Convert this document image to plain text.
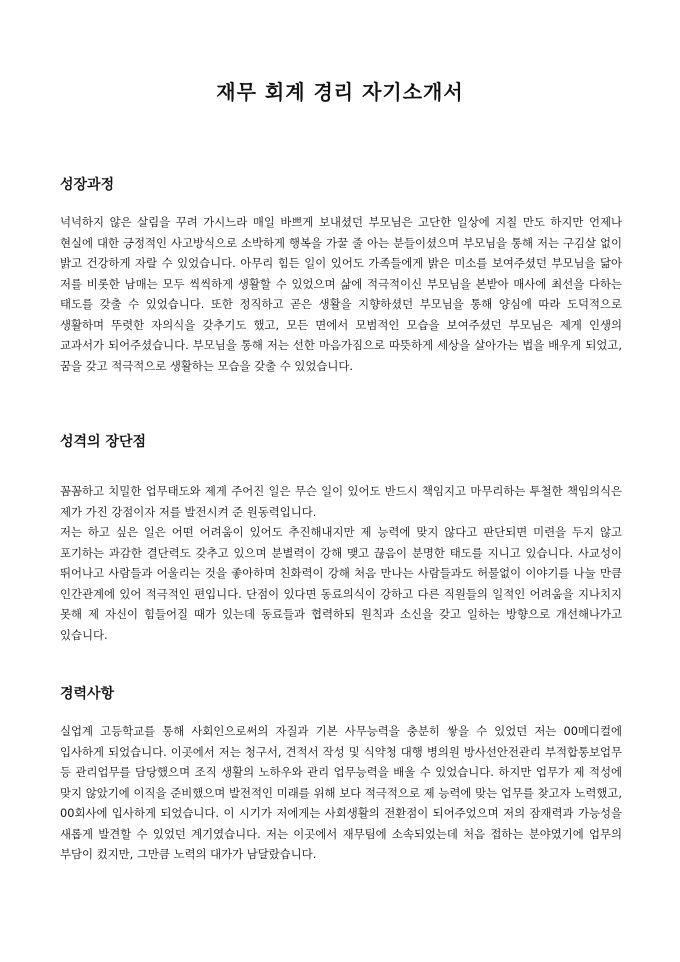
재무 회계 경리 자기소개서
성장과정

넉넉하지 않은 살림을 꾸려 가시느라 매일 바쁘게 보내셨던 부모님은 고단한 일상에 지칠 만도 하지만 언제나 현실에 대한 긍정적인 사고방식으로 소박하게 행복을 가꿀 줄 아는 분들이셨으며 부모님을 통해 저는 구김살 없이 밝고 건강하게 자랄 수 있었습니다. 아무리 힘든 일이 있어도 가족들에게 밝은 미소를 보여주셨던 부모님을 닮아 저를 비롯한 남매는 모두 씩씩하게 생활할 수 있었으며 삶에 적극적이신 부모님을 본받아 매사에 최선을 다하는 태도를 갖출 수 있었습니다. 또한 정직하고 곧은 생활을 지향하셨던 부모님을 통해 양심에 따라 도덕적으로 생활하며 뚜렷한 자의식을 갖추기도 했고, 모든 면에서 모범적인 모습을 보여주셨던 부모님은 제게 인생의 교과서가 되어주셨습니다. 부모님을 통해 저는 선한 마음가짐으로 따뜻하게 세상을 살아가는 법을 배우게 되었고, 꿈을 갖고 적극적으로 생활하는 모습을 갖출 수 있었습니다.

성격의 장단점

꼼꼼하고 치밀한 업무태도와 제게 주어진 일은 무슨 일이 있어도 반드시 책임지고 마무리하는 투철한 책임의식은 제가 가진 강점이자 저를 발전시켜 준 원동력입니다.

저는 하고 싶은 일은 어떤 어려움이 있어도 추진해내지만 제 능력에 맞지 않다고 판단되면 미련을 두지 않고 포기하는 과감한 결단력도 갖추고 있으며 분별력이 강해 맺고 끊음이 분명한 태도를 지니고 있습니다. 사교성이 뛰어나고 사람들과 어울리는 것을 좋아하며 친화력이 강해 처음 만나는 사람들과도 허물없이 이야기를 나눌 만큼 인간관계에 있어 적극적인 편입니다. 단점이 있다면 동료의식이 강하고 다른 직원들의 일적인 어려움을 지나치지 못해 제 자신이 힘들어질 때가 있는데 동료들과 협력하되 원칙과 소신을 갖고 일하는 방향으로 개선해나가고 있습니다.

경력사항

실업계 고등학교를 통해 사회인으로써의 자질과 기본 사무능력을 충분히 쌓을 수 있었던 저는 00메디컬에 입사하게 되었습니다. 이곳에서 저는 청구서, 견적서 작성 및 식약청 대행 병의원 방사선안전관리 부적합통보업무 등 관리업무를 담당했으며 조직 생활의 노하우와 관리 업무능력을 배울 수 있었습니다. 하지만 업무가 제 적성에 맞지 않았기에 이직을 준비했으며 발전적인 미래를 위해 보다 적극적으로 제 능력에 맞는 업무를 찾고자 노력했고, 00회사에 입사하게 되었습니다. 이 시기가 저에게는 사회생활의 전환점이 되어주었으며 저의 잠재력과 가능성을 새롭게 발견할 수 있었던 계기였습니다. 저는 이곳에서 재무팀에 소속되었는데 처음 접하는 분야였기에 업무의 부담이 컸지만, 그만큼 노력의 대가가 남달랐습니다.
